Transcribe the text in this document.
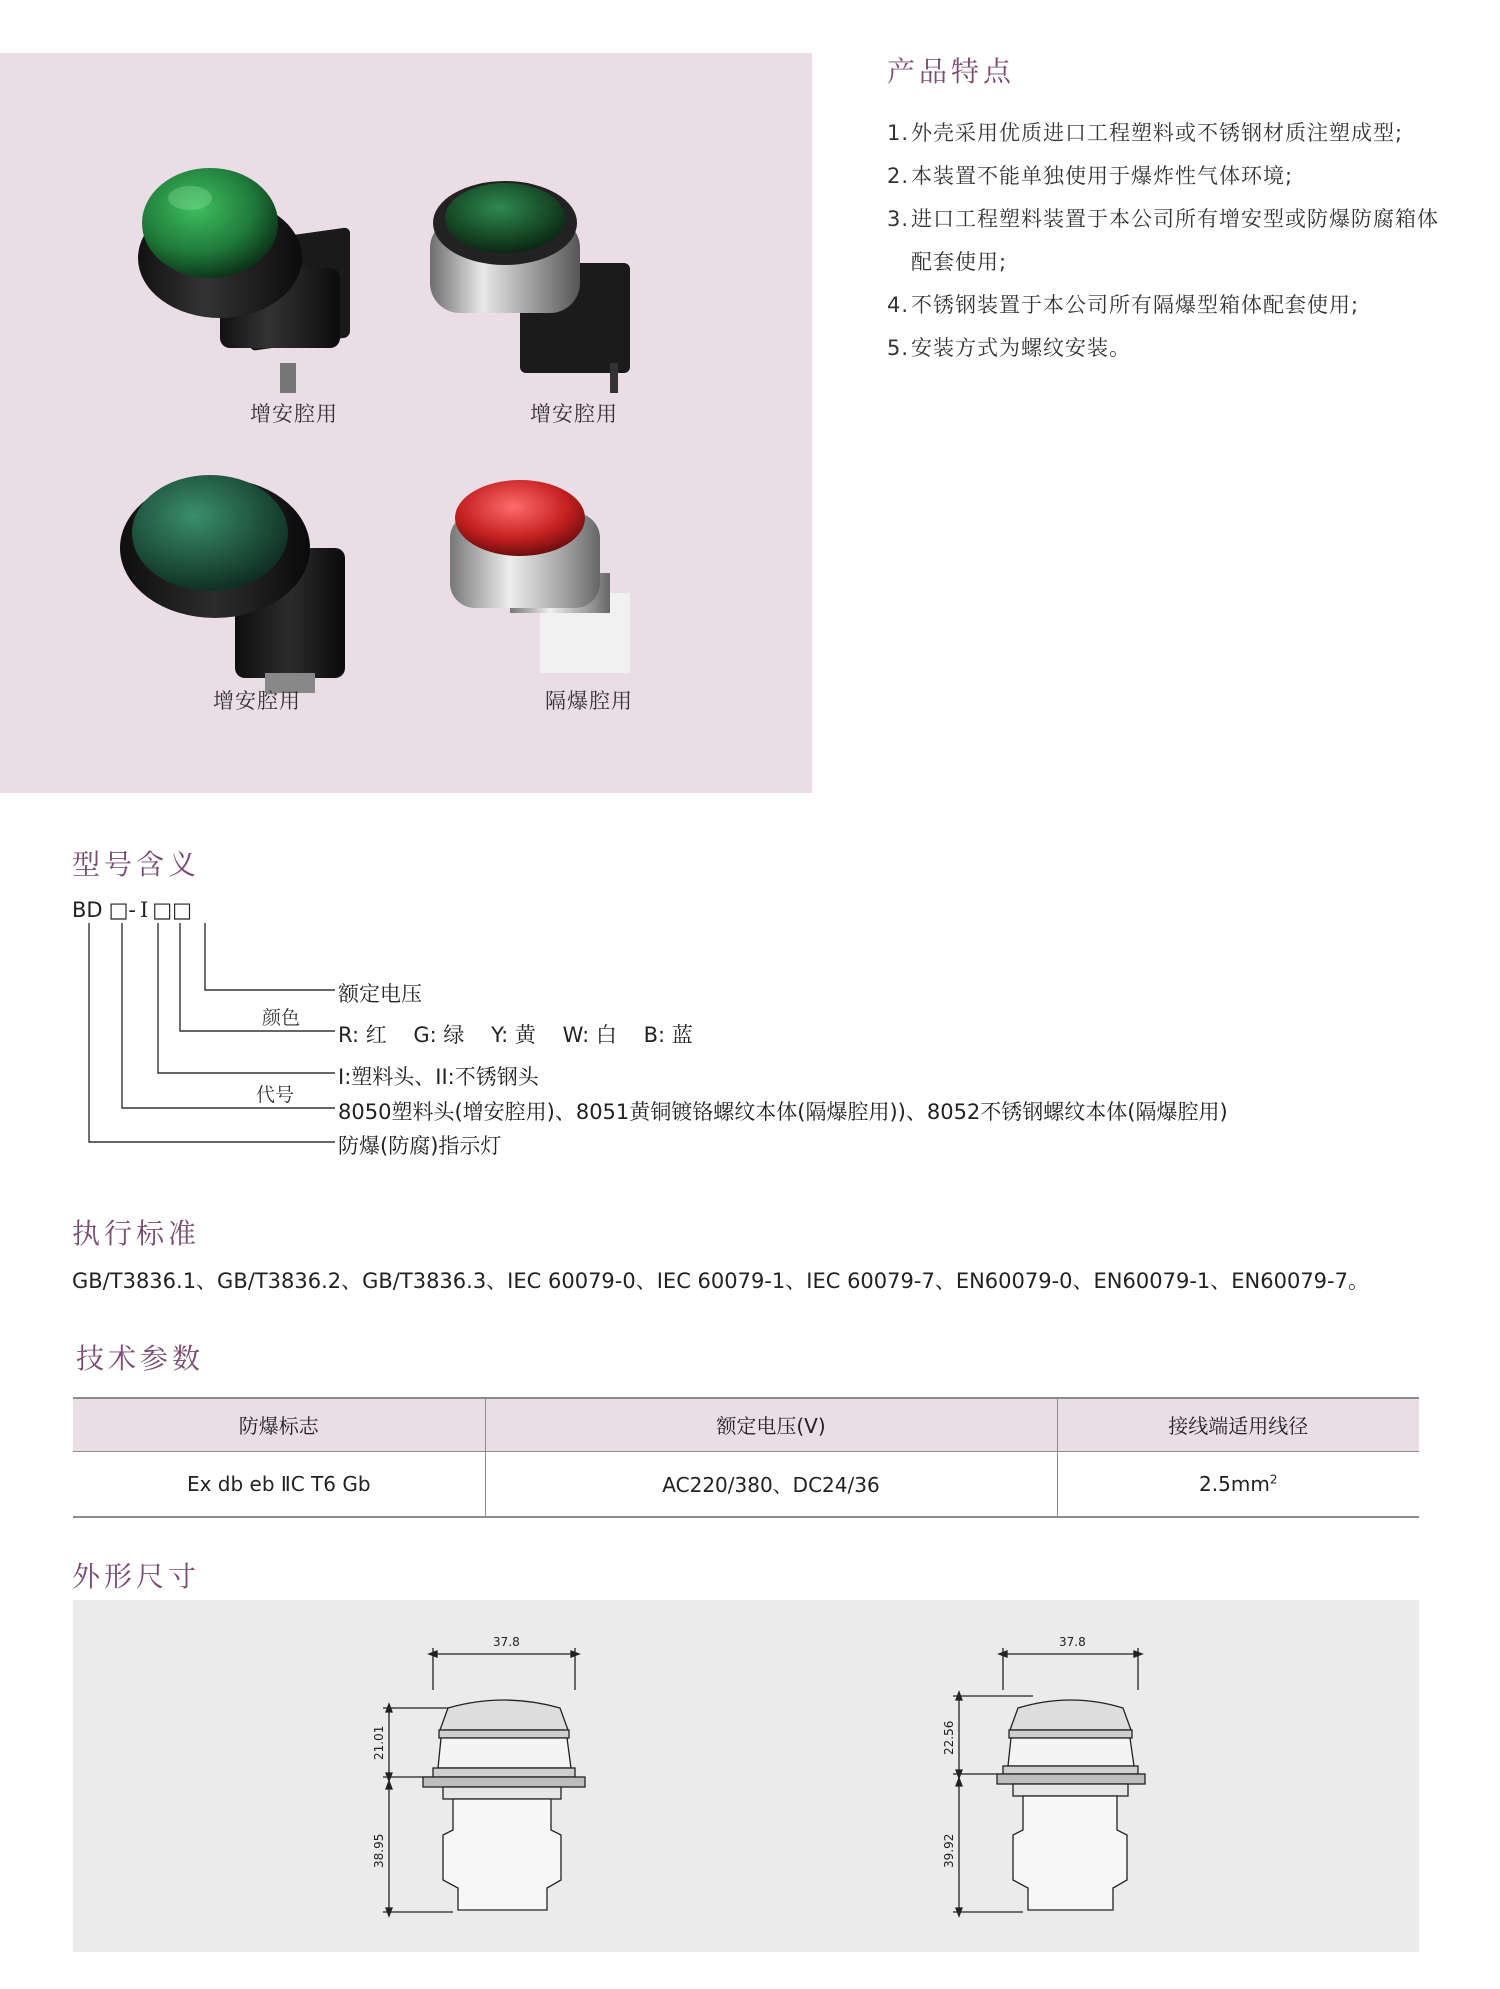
增安腔用	增安腔用
增安腔用	隔爆腔用
产品特点
1. 外壳采用优质进口工程塑料或不锈钢材质注塑成型;
2. 本装置不能单独使用于爆炸性气体环境;
3. 进口工程塑料装置于本公司所有增安型或防爆防腐箱体配套使用;
4. 不锈钢装置于本公司所有隔爆型箱体配套使用;
5. 安装方式为螺纹安装。
型号含义
BD □- I □□
额定电压
颜色
R: 红    G: 绿    Y: 黄    W: 白    B: 蓝
I:塑料头、II:不锈钢头
代号
8050塑料头(增安腔用)、8051黄铜镀铬螺纹本体(隔爆腔用))、8052不锈钢螺纹本体(隔爆腔用)
防爆(防腐)指示灯
执行标准
GB/T3836.1、GB/T3836.2、GB/T3836.3、IEC 60079-0、IEC 60079-1、IEC 60079-7、EN60079-0、EN60079-1、EN60079-7。
技术参数
防爆标志	额定电压(V)	接线端适用线径
Ex db eb ⅡC T6 Gb	AC220/380、DC24/36	$2.5mm^2$
外形尺寸
37.8
21.01
38.95
37.8
22.56
39.92
